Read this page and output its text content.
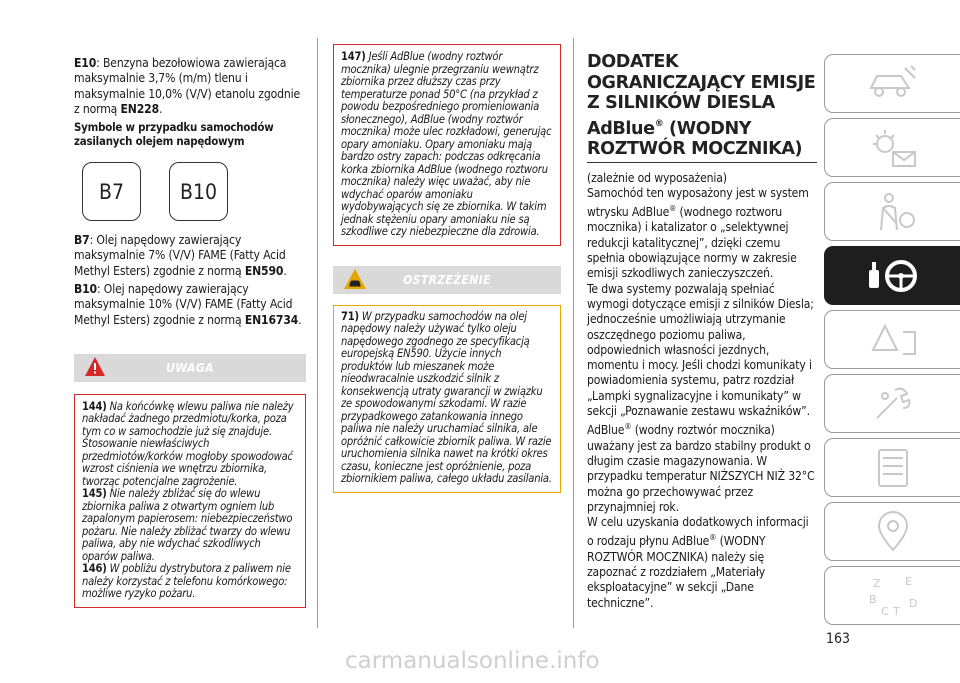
E10: Benzyna bezołowiowa zawierająca maksymalnie 3,7% (m/m) tlenu i maksymalnie 10,0% (V/V) etanolu zgodnie z normą EN228.

Symbole w przypadku samochodów zasilanych olejem napędowym

B7	B10

B7: Olej napędowy zawierający maksymalnie 7% (V/V) FAME (Fatty Acid Methyl Esters) zgodnie z normą EN590.

B10: Olej napędowy zawierający maksymalnie 10% (V/V) FAME (Fatty Acid Methyl Esters) zgodnie z normą EN16734.

UWAGA

144) Na końcówkę wlewu paliwa nie należy nakładać żadnego przedmiotu/korka, poza tym co w samochodzie już się znajduje. Stosowanie niewłaściwych przedmiotów/korków mogłoby spowodować wzrost ciśnienia we wnętrzu zbiornika, tworząc potencjalne zagrożenie.

145) Nie należy zbliżać się do wlewu zbiornika paliwa z otwartym ogniem lub zapalonym papierosem: niebezpieczeństwo pożaru. Nie należy zbliżać twarzy do wlewu paliwa, aby nie wdychać szkodliwych oparów paliwa.

146) W pobliżu dystrybutora z paliwem nie należy korzystać z telefonu komórkowego: możliwe ryzyko pożaru.

147) Jeśli AdBlue (wodny roztwór mocznika) ulegnie przegrzaniu wewnątrz zbiornika przez dłuższy czas przy temperaturze ponad 50°C (na przykład z powodu bezpośredniego promieniowania słonecznego), AdBlue (wodny roztwór mocznika) może ulec rozkładowi, generując opary amoniaku. Opary amoniaku mają bardzo ostry zapach: podczas odkręcania korka zbiornika AdBlue (wodnego roztworu mocznika) należy więc uważać, aby nie wdychać oparów amoniaku wydobywających się ze zbiornika. W takim jednak stężeniu opary amoniaku nie są szkodliwe czy niebezpieczne dla zdrowia.

OSTRZEŻENIE

71) W przypadku samochodów na olej napędowy należy używać tylko oleju napędowego zgodnego ze specyfikacją europejską EN590. Użycie innych produktów lub mieszanek może nieodwracalnie uszkodzić silnik z konsekwencją utraty gwarancji w związku ze spowodowanymi szkodami. W razie przypadkowego zatankowania innego paliwa nie należy uruchamiać silnika, ale opróżnić całkowicie zbiornik paliwa. W razie uruchomienia silnika nawet na krótki okres czasu, konieczne jest opróżnienie, poza zbiornikiem paliwa, całego układu zasilania.

DODATEK OGRANICZAJĄCY EMISJE Z SILNIKÓW DIESLA AdBlue® (WODNY ROZTWÓR MOCZNIKA)

(zależnie od wyposażenia)

Samochód ten wyposażony jest w system wtrysku AdBlue® (wodnego roztworu mocznika) i katalizator o „selektywnej redukcji katalitycznej”, dzięki czemu spełnia obowiązujące normy w zakresie emisji szkodliwych zanieczyszczeń.

Te dwa systemy pozwalają spełniać wymogi dotyczące emisji z silników Diesla; jednocześnie umożliwiają utrzymanie oszczędnego poziomu paliwa, odpowiednich własności jezdnych, momentu i mocy. Jeśli chodzi komunikaty i powiadomienia systemu, patrz rozdział „Lampki sygnalizacyjne i komunikaty” w sekcji „Poznawanie zestawu wskaźników”.

AdBlue® (wodny roztwór mocznika) uważany jest za bardzo stabilny produkt o długim czasie magazynowania. W przypadku temperatur NIŻSZYCH NIŻ 32°C można go przechowywać przez przynajmniej rok.

W celu uzyskania dodatkowych informacji o rodzaju płynu AdBlue® (WODNY ROZTWÓR MOCZNIKA) należy się zapoznać z rozdziałem „Materiały eksploatacyjne” w sekcji „Dane techniczne”.

Z E
B
C T
D
163
carmanualsonline.info
